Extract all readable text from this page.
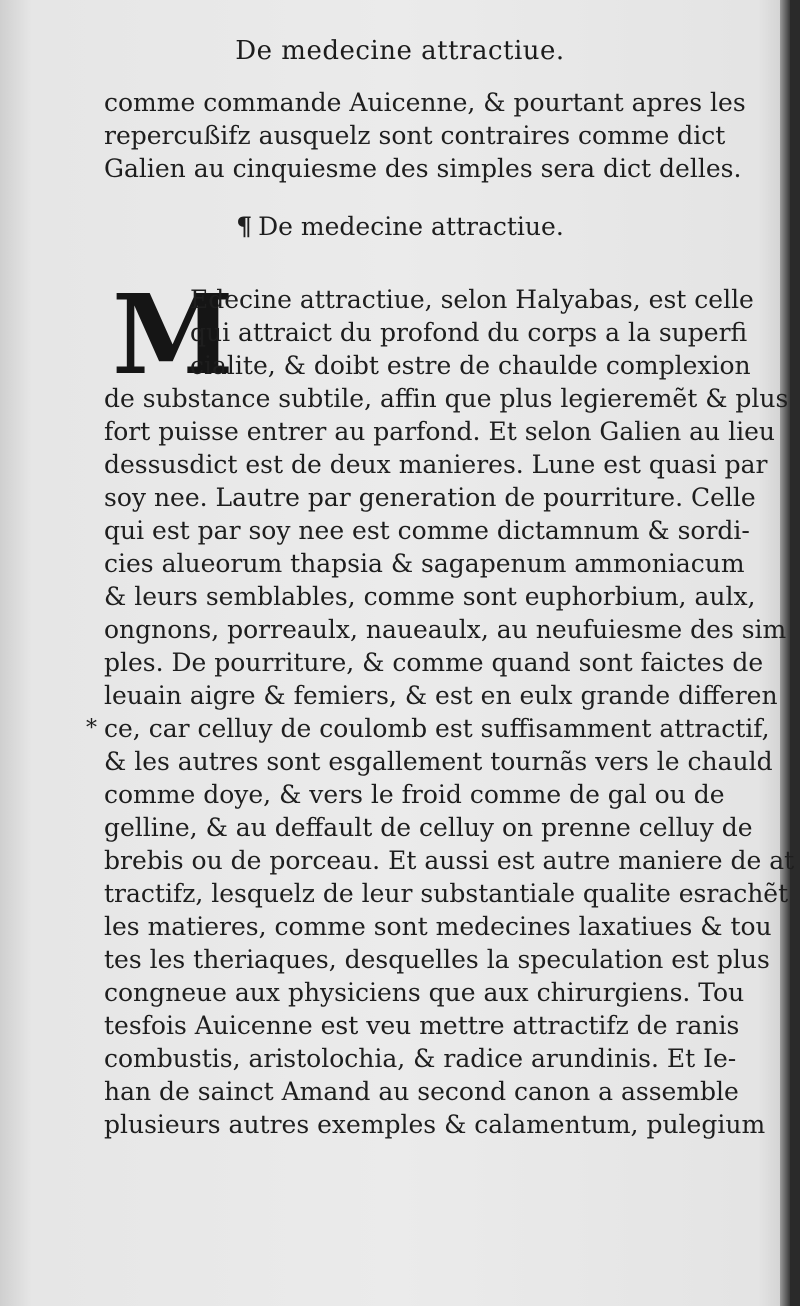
De medecine attractiue.

comme commande Auicenne, & pourtant apres les

repercußifz ausquelz sont contraires comme dict

Galien au cinquiesme des simples sera dict delles.

¶ De medecine attractiue.
M

Edecine attractiue, selon Halyabas, est celle

qui attraict du profond du corps a la superfi

cialite, & doibt estre de chaulde complexion

de substance subtile, affin que plus legieremẽt & plus

fort puisse entrer au parfond. Et selon Galien au lieu

dessusdict est de deux manieres. Lune est quasi par

soy nee. Lautre par generation de pourriture. Celle

qui est par soy nee est comme dictamnum & sordi-

cies alueorum thapsia & sagapenum ammoniacum

& leurs semblables, comme sont euphorbium, aulx,

ongnons, porreaulx, naueaulx, au neufuiesme des sim

ples. De pourriture, & comme quand sont faictes de

leuain aigre & femiers, & est en eulx grande differen

* ce, car celluy de coulomb est suffisamment attractif,

& les autres sont esgallement tournãs vers le chauld

comme doye, & vers le froid comme de gal ou de

gelline, & au deffault de celluy on prenne celluy de

brebis ou de porceau. Et aussi est autre maniere de at

tractifz, lesquelz de leur substantiale qualite esrachẽt

les matieres, comme sont medecines laxatiues & tou

tes les theriaques, desquelles la speculation est plus

congneue aux physiciens que aux chirurgiens. Tou

tesfois Auicenne est veu mettre attractifz de ranis

combustis, aristolochia, & radice arundinis. Et Ie-

han de sainct Amand au second canon a assemble

plusieurs autres exemples & calamentum, pulegium
